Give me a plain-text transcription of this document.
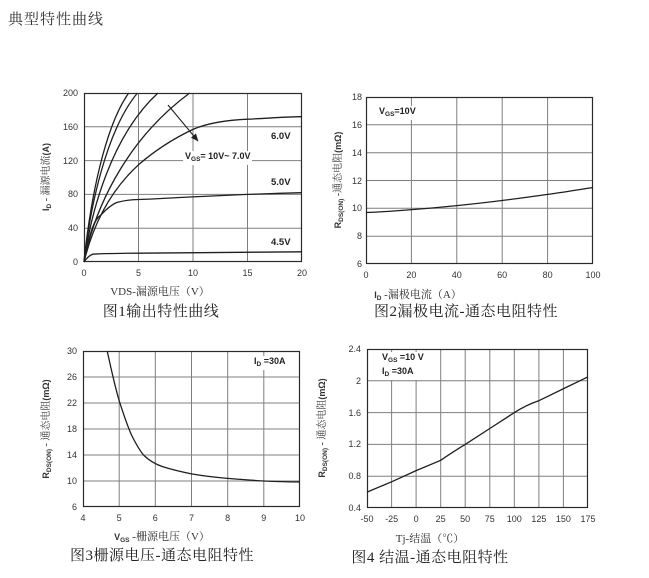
典型特性曲线
200
160
120
80
40
0
0	5	10	15	20
$I_D$ - 漏源电流(A)
VDS-漏源电压（V）
$V_{GS}=$ 10V~ 7.0V
6.0V
5.0V
4.5V
图1输出特性曲线
18
16
14
12
10
8
6
0	20	40	60	80	100
$R_{DS(ON)}$ -通态电阻(mΩ)
$I_D$ -漏极电流（A）
$V_{GS}=10V$
图2漏极电流-通态电阻特性
30
26
22
18
14
10
6
4	5	6	7	8	9	10
$R_{DS(ON)}$ - 通态电阻(mΩ)
$V_{GS}$ -栅源电压（V）
$I_D =30A$
图3栅源电压-通态电阻特性
2.4
2
1.6
1.2
0.8
0.4
-50	-25	0	25	50	75	100	125	150	175
$R_{DS(ON)}$ - 通态电阻(mΩ)
Tj-结温（℃）
$V_{GS} =10$ V
$I_D =30A$
图4 结温-通态电阻特性
